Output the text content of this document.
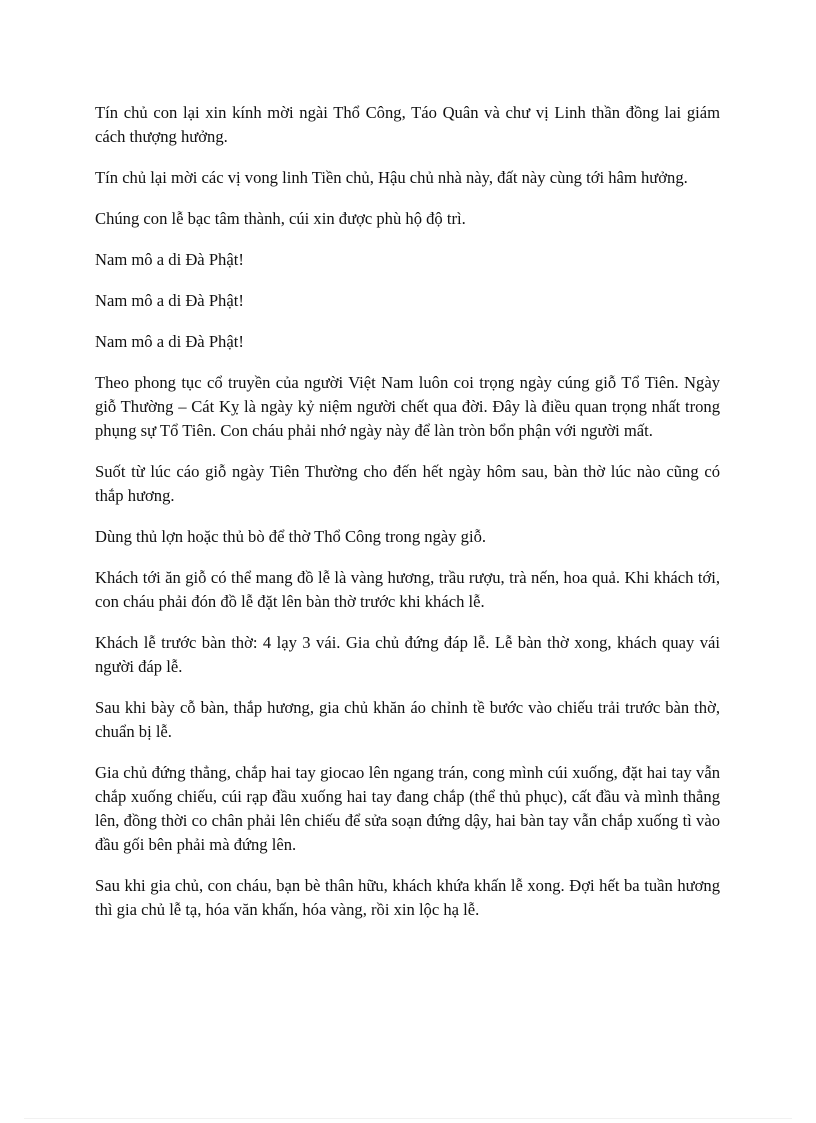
Tín chủ con lại xin kính mời ngài Thổ Công, Táo Quân và chư vị Linh thần đồng lai giám cách thượng hưởng.

Tín chủ lại mời các vị vong linh Tiền chủ, Hậu chủ nhà này, đất này cùng tới hâm hưởng.

Chúng con lễ bạc tâm thành, cúi xin được phù hộ độ trì.

Nam mô a di Đà Phật!

Nam mô a di Đà Phật!

Nam mô a di Đà Phật!

Theo phong tục cổ truyền của người Việt Nam luôn coi trọng ngày cúng giỗ Tổ Tiên. Ngày giỗ Thường – Cát Kỵ là ngày kỷ niệm người chết qua đời. Đây là điều quan trọng nhất trong phụng sự Tổ Tiên. Con cháu phải nhớ ngày này để làn tròn bổn phận với người mất.

Suốt từ lúc cáo giỗ ngày Tiên Thường cho đến hết ngày hôm sau, bàn thờ lúc nào cũng có thắp hương.

Dùng thủ lợn hoặc thủ bò để thờ Thổ Công trong ngày giỗ.

Khách tới ăn giỗ có thể mang đồ lễ là vàng hương, trầu rượu, trà nến, hoa quả. Khi khách tới, con cháu phải đón đồ lễ đặt lên bàn thờ trước khi khách lễ.

Khách lễ trước bàn thờ: 4 lạy 3 vái. Gia chủ đứng đáp lễ. Lễ bàn thờ xong, khách quay vái người đáp lễ.

Sau khi bày cỗ bàn, thắp hương, gia chủ khăn áo chỉnh tề bước vào chiếu trải trước bàn thờ, chuẩn bị lễ.

Gia chủ đứng thẳng, chắp hai tay giocao lên ngang trán, cong mình cúi xuống, đặt hai tay vẫn chắp xuống chiếu, cúi rạp đầu xuống hai tay đang chắp (thể thủ phục), cất đầu và mình thẳng lên, đồng thời co chân phải lên chiếu để sửa soạn đứng dậy, hai bàn tay vẫn chắp xuống tì vào đầu gối bên phải mà đứng lên.

Sau khi gia chủ, con cháu, bạn bè thân hữu, khách khứa khấn lễ xong. Đợi hết ba tuần hương thì gia chủ lễ tạ, hóa văn khấn, hóa vàng, rồi xin lộc hạ lễ.
